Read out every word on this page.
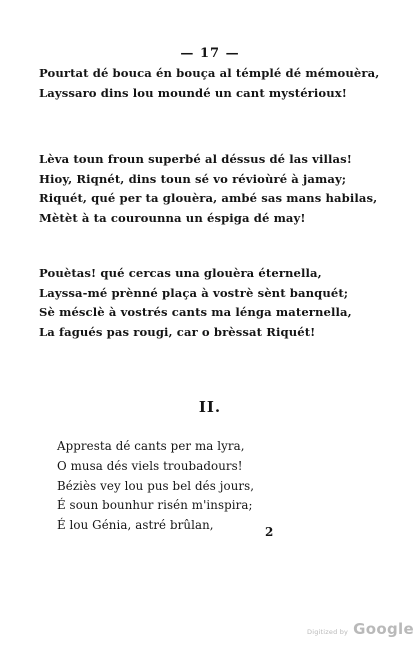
— 17 —
Pourtat dé bouca én bouça al témplé dé mémouèra,
Layssaro dins lou moundé un cant mystérioux!
Lèva toun froun superbé al déssus dé las villas!
Hioy, Riqnét, dins toun sé vo révioùré à jamay;
Riquét, qué per ta glouèra, ambé sas mans habilas,
Mètèt à ta courounna un éspiga dé may!
Pouètas! qué cercas una glouèra éternella,
Layssa-mé prènné plaça à vostrè sènt banquét;
Sè mésclè à vostrés cants ma lénga maternella,
La fagués pas rougi, car o brèssat Riquét!
II.
Appresta dé cants per ma lyra,
O musa dés viels troubadours!
Béziès vey lou pus bel dés jours,
É soun bounhur risén m'inspira;
É lou Génia, astré brûlan,	2
Digitized by Google
